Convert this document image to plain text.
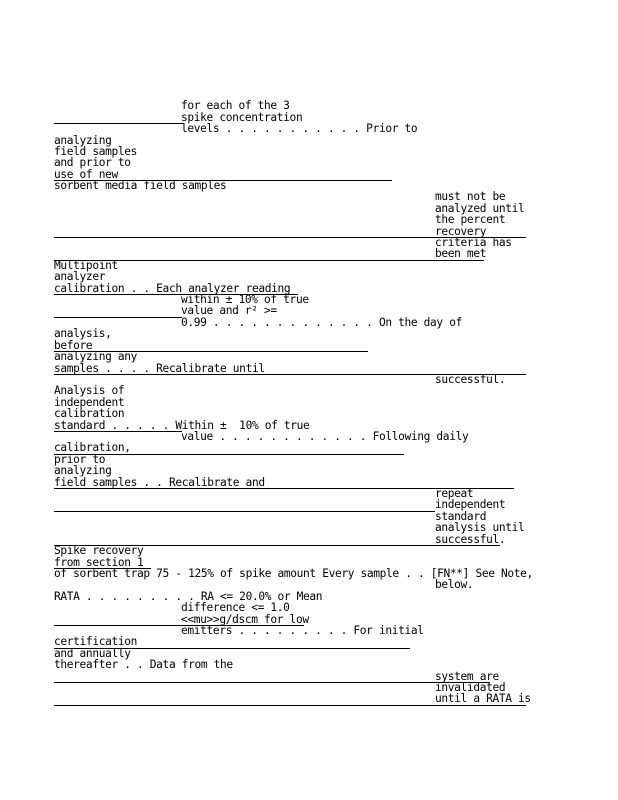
for each of the 3
spike concentration
levels . . . . . . . . . . . Prior to
analyzing
field samples
and prior to
use of new
sorbent media field samples
must not be
analyzed until
the percent
recovery
criteria has
been met
Multipoint
analyzer
calibration . . Each analyzer reading
within ± 10% of true
value and r² >=
0.99 . . . . . . . . . . . . . On the day of
analysis,
before
analyzing any
samples . . . . Recalibrate until
successful.
Analysis of
independent
calibration
standard . . . . . Within ±  10% of true
value . . . . . . . . . . . . Following daily
calibration,
prior to
analyzing
field samples . . Recalibrate and
repeat
independent
standard
analysis until
successful.
Spike recovery
from section 1
of sorbent trap 75 - 125% of spike amount Every sample . . [FN**] See Note,
below.
RATA . . . . . . . . . RA <= 20.0% or Mean
difference <= 1.0
<<mu>>g/dscm for low
emitters . . . . . . . . . For initial
certification
and annually
thereafter . . Data from the
system are
invalidated
until a RATA is
